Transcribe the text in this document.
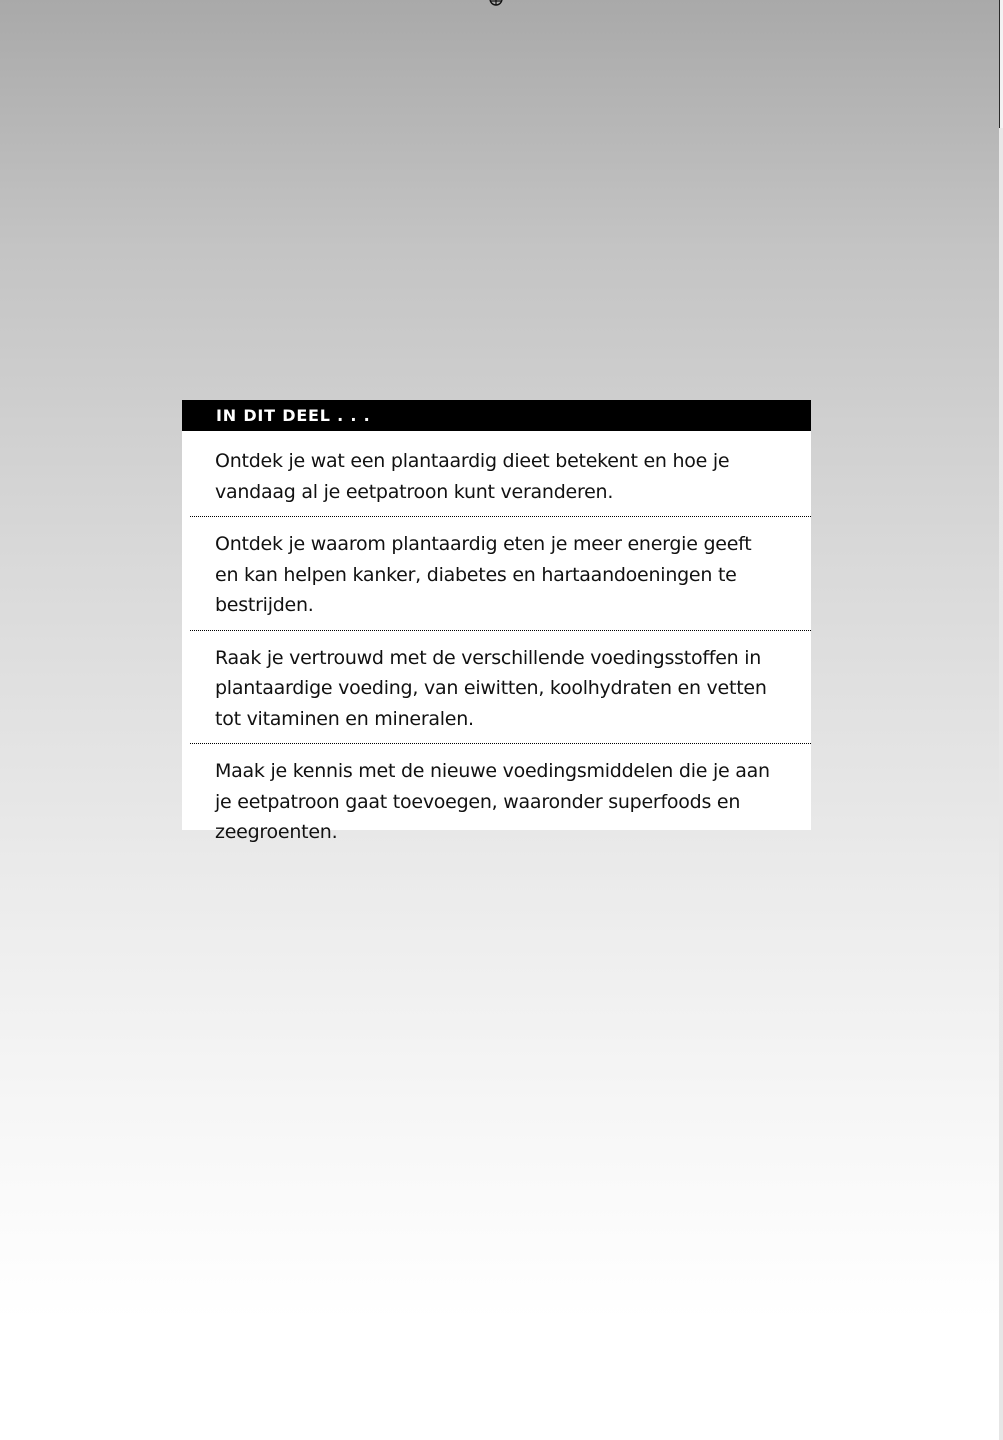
IN DIT DEEL . . .
Ontdek je wat een plantaardig dieet betekent en hoe je vandaag al je eetpatroon kunt veranderen.
Ontdek je waarom plantaardig eten je meer energie geeft en kan helpen kanker, diabetes en hartaandoeningen te bestrijden.
Raak je vertrouwd met de verschillende voedingsstoffen in plantaardige voeding, van eiwitten, koolhydraten en vetten tot vitaminen en mineralen.
Maak je kennis met de nieuwe voedingsmiddelen die je aan je eetpatroon gaat toevoegen, waaronder superfoods en zeegroenten.
